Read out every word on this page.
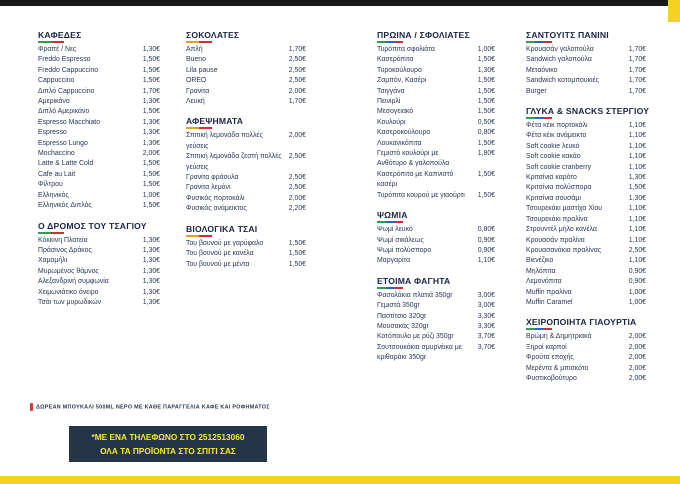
ΚΑΦΕΔΕΣ
Φραπέ / Νες	1,30€
Freddo Espresso	1,50€
Freddo Cappuccino	1,50€
Cappuccino	1,50€
Διπλό Cappuccino	1,70€
Αμερικάνο	1,30€
Διπλό Αμερικάνο	1,50€
Espresso Macchiato	1,30€
Espresso	1,30€
Espresso Lungo	1,30€
Mochaccino	2,00€
Latte & Latte Cold	1,50€
Cafe au Lait	1,50€
Φίλτρου	1,50€
Ελληνικός	1,00€
Ελληνικός Διπλός	1,50€
Ο ΔΡΟΜΟΣ ΤΟΥ ΤΣΑΓΙΟΥ
Κόκκινη Πλατεία	1,30€
Πράσινος Δράκος	1,30€
Χαμομήλι	1,30€
Μυρωμένος θάμνος	1,30€
Αλεξανδρινή συμφωνία	1,30€
Χειμωνιάτικο όνειρο	1,30€
Τσάι των μυρωδικών	1,30€
ΣΟΚΟΛΑΤΕΣ
Απλή	1,70€
Bueno	2,50€
Lila pause	2,50€
OREO	2,50€
Γρανίτα	2,00€
Λευκή	1,70€
ΑΦΕΨΗΜΑΤΑ
Σπιτική λεμονάδα πολλές γεύσεις
2,00€
Σπιτική λεμονάδα ζεστή πολλές γεύσεις
2,50€
Γρανίτα φράουλα	2,50€
Γρανίτα λεμόνι	2,50€
Φυσικός πορτοκάλι	2,00€
Φυσικός ανάμεικτος	2,20€
ΒΙΟΛΟΓΙΚΑ ΤΣΑΙ
Του βουνού με γαρύφαλο	1,50€
Του βουνού με κανέλα	1,50€
Του βουνού με μέντα	1,50€
ΠΡΩΙΝΑ / ΣΦΟΛΙΑΤΕΣ
Τυρόπιτα σφολιάτα	1,00€
Κασερόπιτα	1,50€
Τυροκούλουρο	1,30€
Ζαμπόν, Κασέρι	1,50€
Τσιγγάνα	1,50€
Πεινιρλί	1,50€
Μεσογειακό	1,50€
Κουλούρι	0,50€
Κασεροκούλουρο	0,80€
Λουκανικόπιτα	1,50€
Γεμιστό κουλούρι με Ανθότυρο & γαλοπούλα
1,80€
Κασερόπιτα με Καπνιστό κασέρι
1,50€
Τυρόπιτα κουρού με γιαούρτι	1,50€
ΨΩΜΙΑ
Ψωμί λευκό	0,80€
Ψωμί σικάλεως	0,90€
Ψωμί πολύσπορο	0,90€
Μαργαρίτα	1,10€
ΕΤΟΙΜΑ ΦΑΓΗΤΑ
Φασολάκια πλατιά 350gr	3,00€
Γεμιστά 350gr	3,00€
Παστίτσιο 320gr	3,30€
Μουσακάς 320gr	3,30€
Κοτόπουλο με ρύζι 350gr	3,70€
Σουτσουκάκια σμυρνέικα με κριθαράκι 350gr
3,70€
ΣΑΝΤΟΥΙΤΣ ΠΑΝΙΝΙ
Κρουασάν γαλοπούλα	1,70€
Sandwich γαλοπούλα	1,70€
Μεταόνικο	1,70€
Sandwich κοτομπουκιές	1,70€
Burger	1,70€
ΓΛΥΚΑ & SNACKS ΣΤΕΡΓΙΟΥ
Φέτα κέικ πορτοκάλι	1,10€
Φέτα κέικ ανάμεικτο	1,10€
Soft cookie λευκό	1,10€
Soft cookie κακάο	1,10€
Soft cookie cranberry	1,10€
Κριτσίνια καρότο	1,30€
Κριτσίνια πολύσπορα	1,50€
Κριτσίνια σουσάμι	1,30€
Τσουρεκάκι μαστίχα Χίου	1,10€
Τσουρεκάκι πραλίνα	1,10€
Στρουντέλ μήλο κανέλα	1,10€
Κρουασάν πραλίνα	1,10€
Κρουασανάκια πραλίνας	2,50€
Βιενέζικο	1,10€
Μηλόπιτα	0,90€
Λεμονόπιτα	0,90€
Muffin πραλίνα	1,00€
Muffin Caramel	1,00€
ΧΕΙΡΟΠΟΙΗΤΑ ΓΙΑΟΥΡΤΙΑ
Βρώμη & Δημητριακά	2,00€
Ξηροί καρποί	2,00€
Φρούτα εποχής	2,00€
Μερέντα & μπισκότο	2,00€
Φυστικοβούτυρο	2,00€
ΔΩΡΕΑΝ ΜΠΟΥΚΑΛΙ 500ML ΝΕΡΟ ΜΕ ΚΑΘΕ ΠΑΡΑΓΓΕΛΙΑ ΚΑΦΕ ΚΑΙ ΡΟΦΗΜΑΤΟΣ
*ΜΕ ΕΝΑ ΤΗΛΕΦΩΝΟ ΣΤΟ 2512513060
ΟΛΑ ΤΑ ΠΡΟΪΟΝΤΑ ΣΤΟ ΣΠΙΤΙ ΣΑΣ
